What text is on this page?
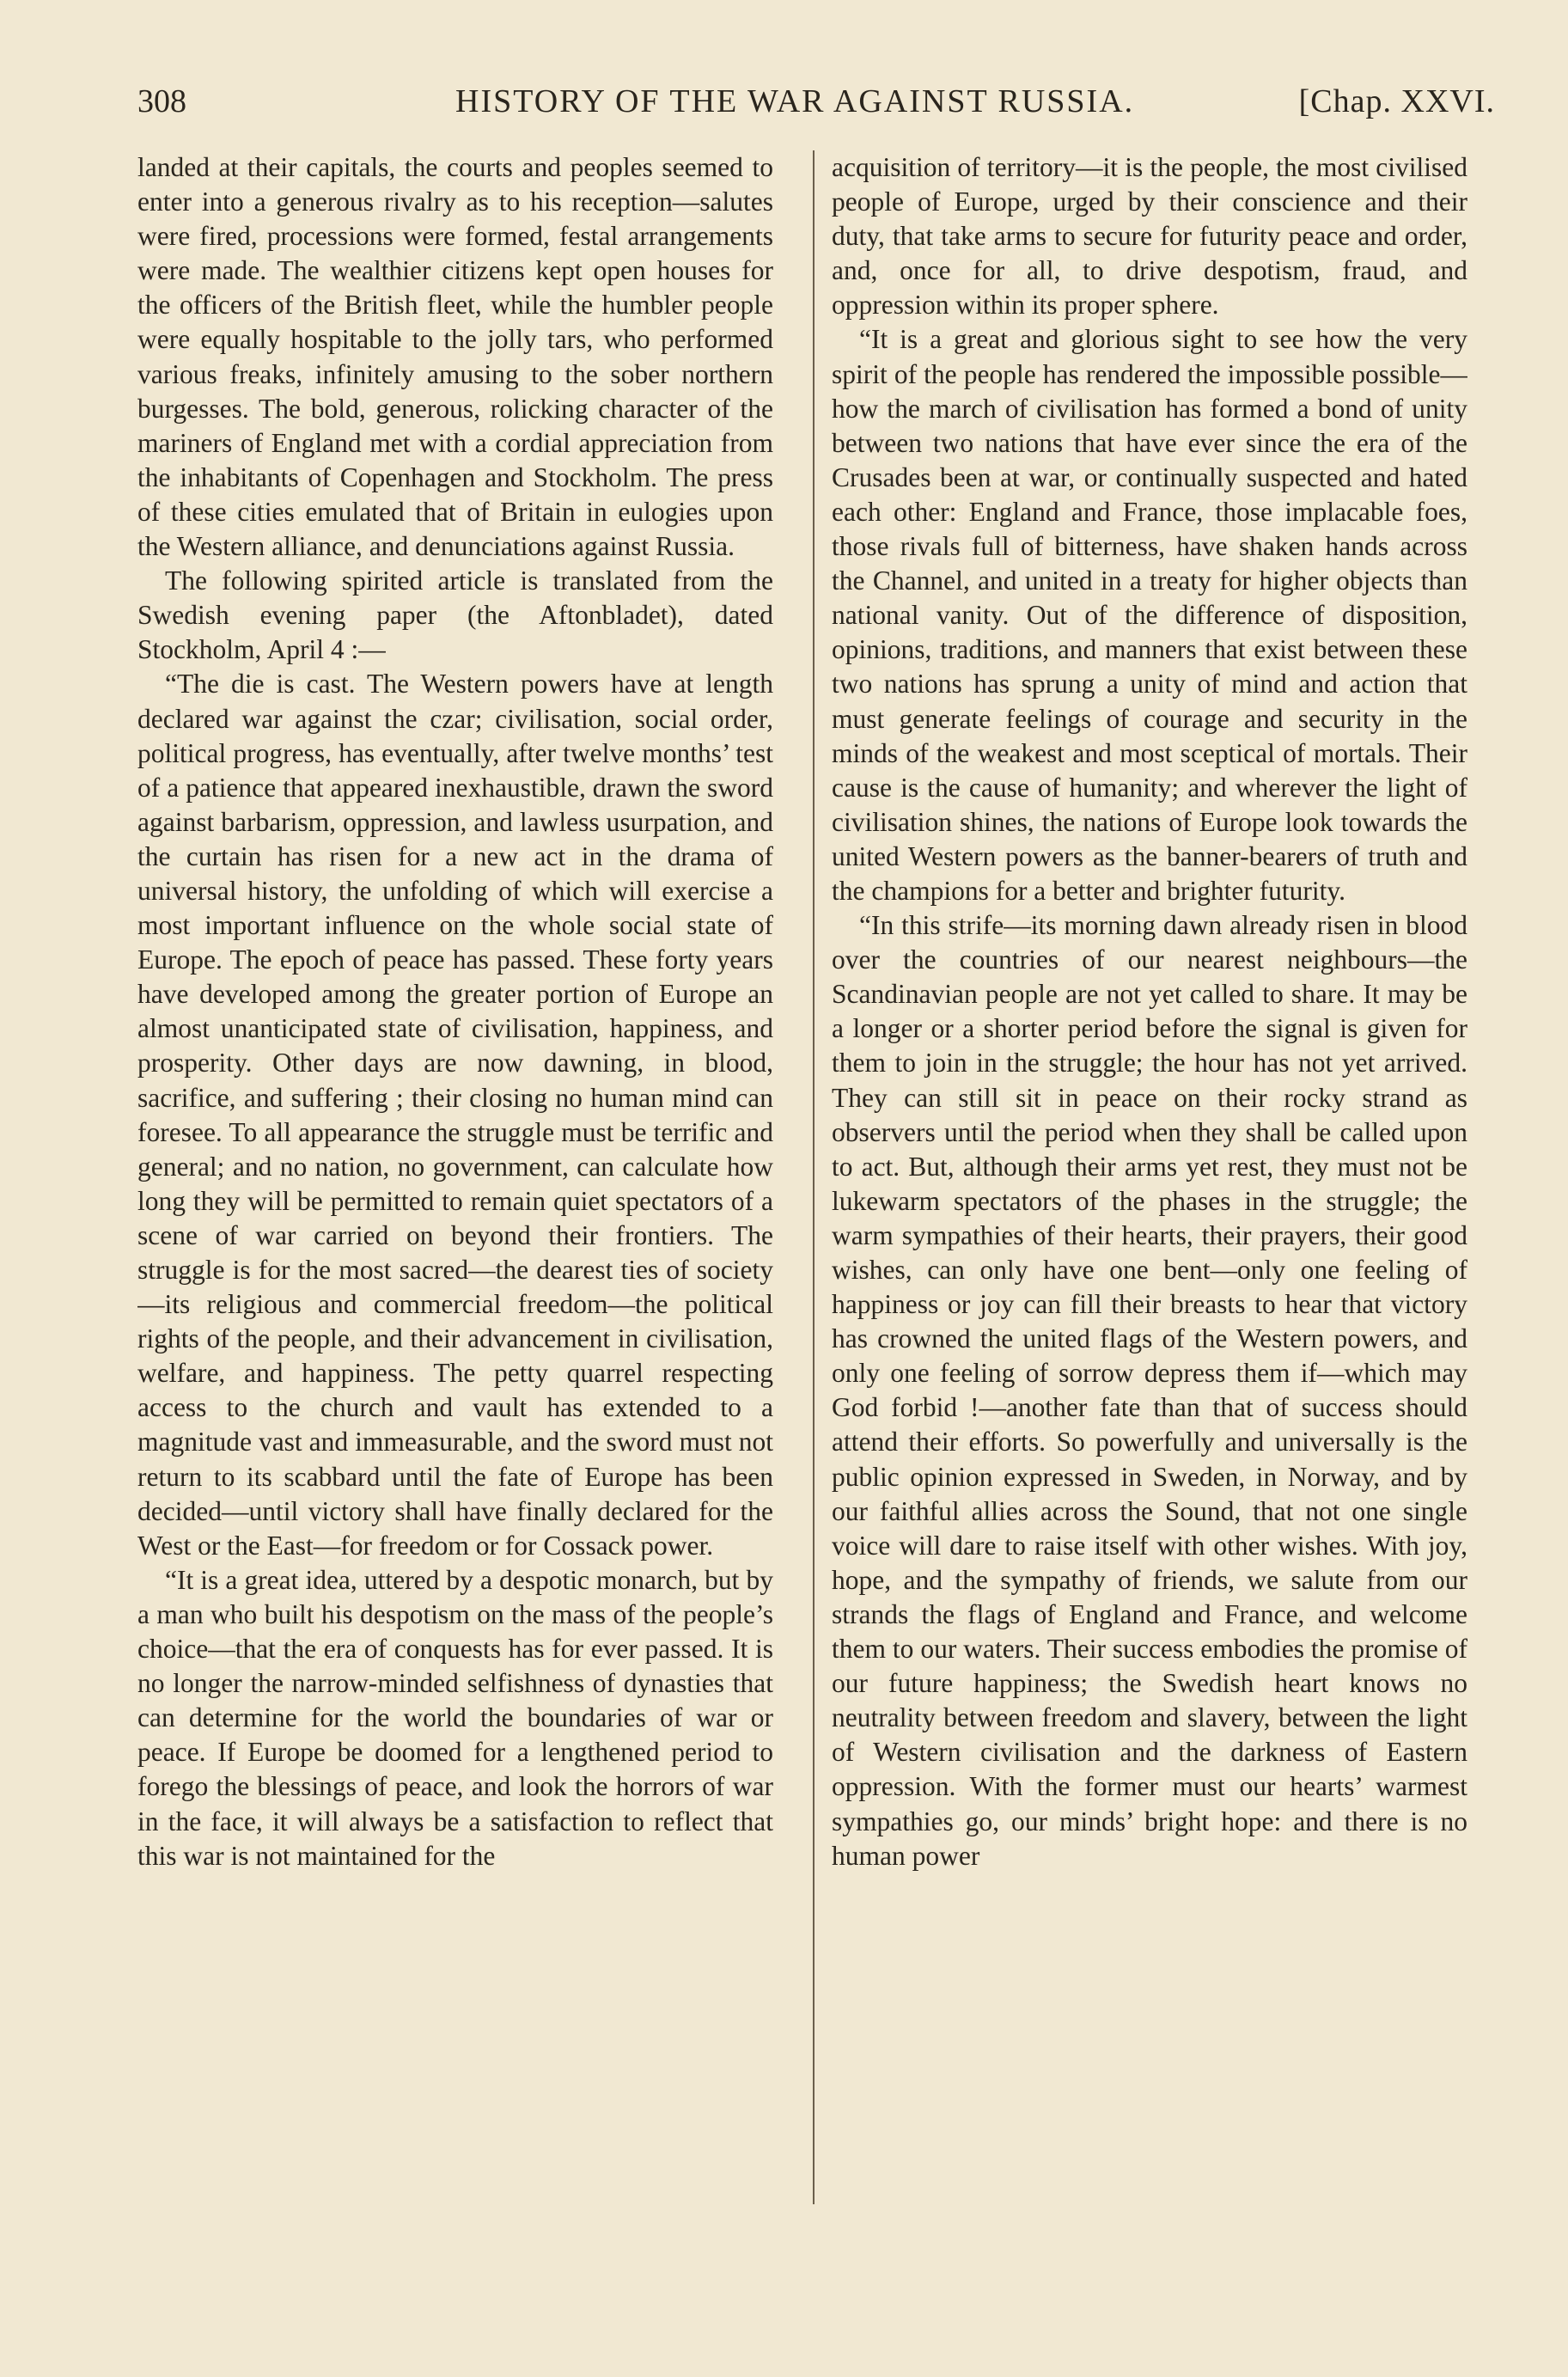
308	HISTORY OF THE WAR AGAINST RUSSIA.	[Chap. XXVI.

landed at their capitals, the courts and peoples seemed to enter into a generous rivalry as to his reception—salutes were fired, processions were formed, festal arrangements were made. The wealthier citizens kept open houses for the officers of the British fleet, while the humbler people were equally hospitable to the jolly tars, who performed various freaks, infinitely amusing to the sober northern burgesses. The bold, generous, rolicking character of the mariners of England met with a cordial appreciation from the inhabitants of Copenhagen and Stockholm. The press of these cities emulated that of Britain in eulogies upon the Western alliance, and denunciations against Russia.

The following spirited article is translated from the Swedish evening paper (the Aftonbladet), dated Stockholm, April 4 :—

“The die is cast. The Western powers have at length declared war against the czar; civilisation, social order, political progress, has eventually, after twelve months’ test of a patience that appeared inexhaustible, drawn the sword against barbarism, oppression, and lawless usurpation, and the curtain has risen for a new act in the drama of universal history, the unfolding of which will exercise a most important influence on the whole social state of Europe. The epoch of peace has passed. These forty years have developed among the greater portion of Europe an almost unanticipated state of civilisation, happiness, and prosperity. Other days are now dawning, in blood, sacrifice, and suffering ; their closing no human mind can foresee. To all appearance the struggle must be terrific and general; and no nation, no government, can calculate how long they will be permitted to remain quiet spectators of a scene of war carried on beyond their frontiers. The struggle is for the most sacred—the dearest ties of society—its religious and commercial freedom—the political rights of the people, and their advancement in civilisation, welfare, and happiness. The petty quarrel respecting access to the church and vault has extended to a magnitude vast and immeasurable, and the sword must not return to its scabbard until the fate of Europe has been decided—until victory shall have finally declared for the West or the East—for freedom or for Cossack power.

“It is a great idea, uttered by a despotic monarch, but by a man who built his despotism on the mass of the people’s choice—that the era of conquests has for ever passed. It is no longer the narrow-minded selfishness of dynasties that can determine for the world the boundaries of war or peace. If Europe be doomed for a lengthened period to forego the blessings of peace, and look the horrors of war in the face, it will always be a satisfaction to reflect that this war is not maintained for the

acquisition of territory—it is the people, the most civilised people of Europe, urged by their conscience and their duty, that take arms to secure for futurity peace and order, and, once for all, to drive despotism, fraud, and oppression within its proper sphere.

“It is a great and glorious sight to see how the very spirit of the people has rendered the impossible possible—how the march of civilisation has formed a bond of unity between two nations that have ever since the era of the Crusades been at war, or continually suspected and hated each other: England and France, those implacable foes, those rivals full of bitterness, have shaken hands across the Channel, and united in a treaty for higher objects than national vanity. Out of the difference of disposition, opinions, traditions, and manners that exist between these two nations has sprung a unity of mind and action that must generate feelings of courage and security in the minds of the weakest and most sceptical of mortals. Their cause is the cause of humanity; and wherever the light of civilisation shines, the nations of Europe look towards the united Western powers as the banner-bearers of truth and the champions for a better and brighter futurity.

“In this strife—its morning dawn already risen in blood over the countries of our nearest neighbours—the Scandinavian people are not yet called to share. It may be a longer or a shorter period before the signal is given for them to join in the struggle; the hour has not yet arrived. They can still sit in peace on their rocky strand as observers until the period when they shall be called upon to act. But, although their arms yet rest, they must not be lukewarm spectators of the phases in the struggle; the warm sympathies of their hearts, their prayers, their good wishes, can only have one bent—only one feeling of happiness or joy can fill their breasts to hear that victory has crowned the united flags of the Western powers, and only one feeling of sorrow depress them if—which may God forbid !—another fate than that of success should attend their efforts. So powerfully and universally is the public opinion expressed in Sweden, in Norway, and by our faithful allies across the Sound, that not one single voice will dare to raise itself with other wishes. With joy, hope, and the sympathy of friends, we salute from our strands the flags of England and France, and welcome them to our waters. Their success embodies the promise of our future happiness; the Swedish heart knows no neutrality between freedom and slavery, between the light of Western civilisation and the darkness of Eastern oppression. With the former must our hearts’ warmest sympathies go, our minds’ bright hope: and there is no human power
